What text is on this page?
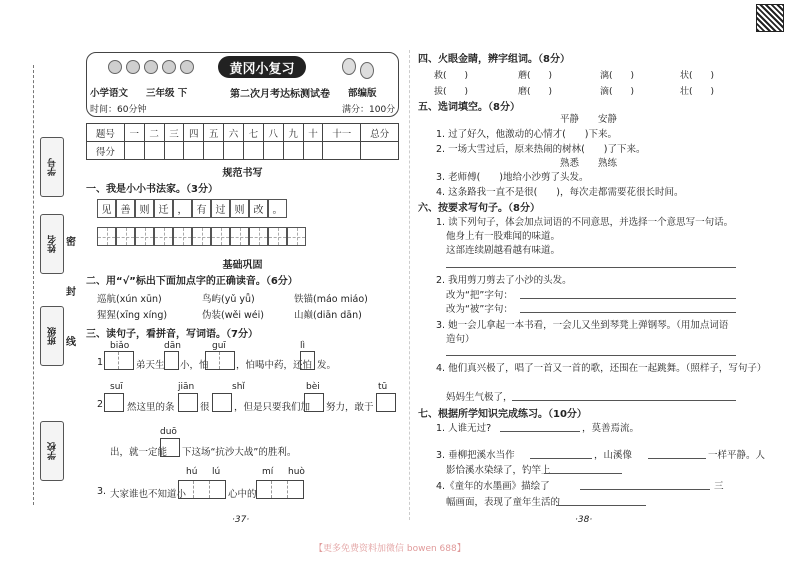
学号
姓名
班级
学校
密
封
线
黄冈小复习
小学语文 三年级 下	第二次月考达标测试卷 部编版
时间：60分钟	满分：100分
题号	一	二	三	四	五	六	七	八	九	十	十一	总分
得分												
规范书写
一、我是小小书法家。（3分）
见 善 则 迁 ， 有 过 则 改 。
基础巩固
二、用“√”标出下面加点字的正确读音。（6分）
巡航(xún xūn)	鸟屿(yǔ yǚ)	铁锚(máo miáo)
猩猩(xīng xíng)	伪装(wěi wéi)	山巅(diān dān)
三、读句子，看拼音，写词语。（7分）
biǎo	dān	guī	lì
1.	弟天生 小，怕	，怕喝中药，还怕 发。
suī	jiān	shǐ	bèi	tū
2. 然这里的条	很	，但是只要我们加 努力，敢于
duō
出，就一定能 下这场“抗沙大战”的胜利。
hú lú	mí huò
3. 大家谁也不知道小	心中的
·37·
四、火眼金睛，辨字组词。（8分）
救(　　)	蘑(　　)	漓(　　)	状(　　)
拔(　　)	磨(　　)	滴(　　)	壮(　　)
五、选词填空。（8分）
平静　　安静
1. 过了好久，他激动的心情才(　　)下来。
2. 一场大雪过后，原来热闹的树林(　　)了下来。
熟悉　　熟练
3. 老师傅(　　)地给小沙剪了头发。
4. 这条路我一直不是很(　　)，每次走都需要花很长时间。
六、按要求写句子。（8分）
1. 读下列句子，体会加点词语的不同意思，并选择一个意思写一句话。
他身上有一股难闻的味道。
这部连续剧越看越有味道。
2. 我用剪刀剪去了小沙的头发。
改为“把”字句：
改为“被”字句：
3. 她一会儿拿起一本书看，一会儿又坐到琴凳上弹钢琴。（用加点词语
造句）
4. 他们真兴极了，唱了一首又一首的歌，还围在一起跳舞。（照样子，写句子）
妈妈生气极了，
七、根据所学知识完成练习。（10分）
1. 人谁无过?	，莫善焉流。
3. 垂柳把溪水当作	，山溪像	一样平静。人
影恰溪水染绿了，钓竿上
4.《童年的水墨画》描绘了	三
幅画面，表现了童年生活的
·38·
【更多免费资料加微信 bowen 688】
